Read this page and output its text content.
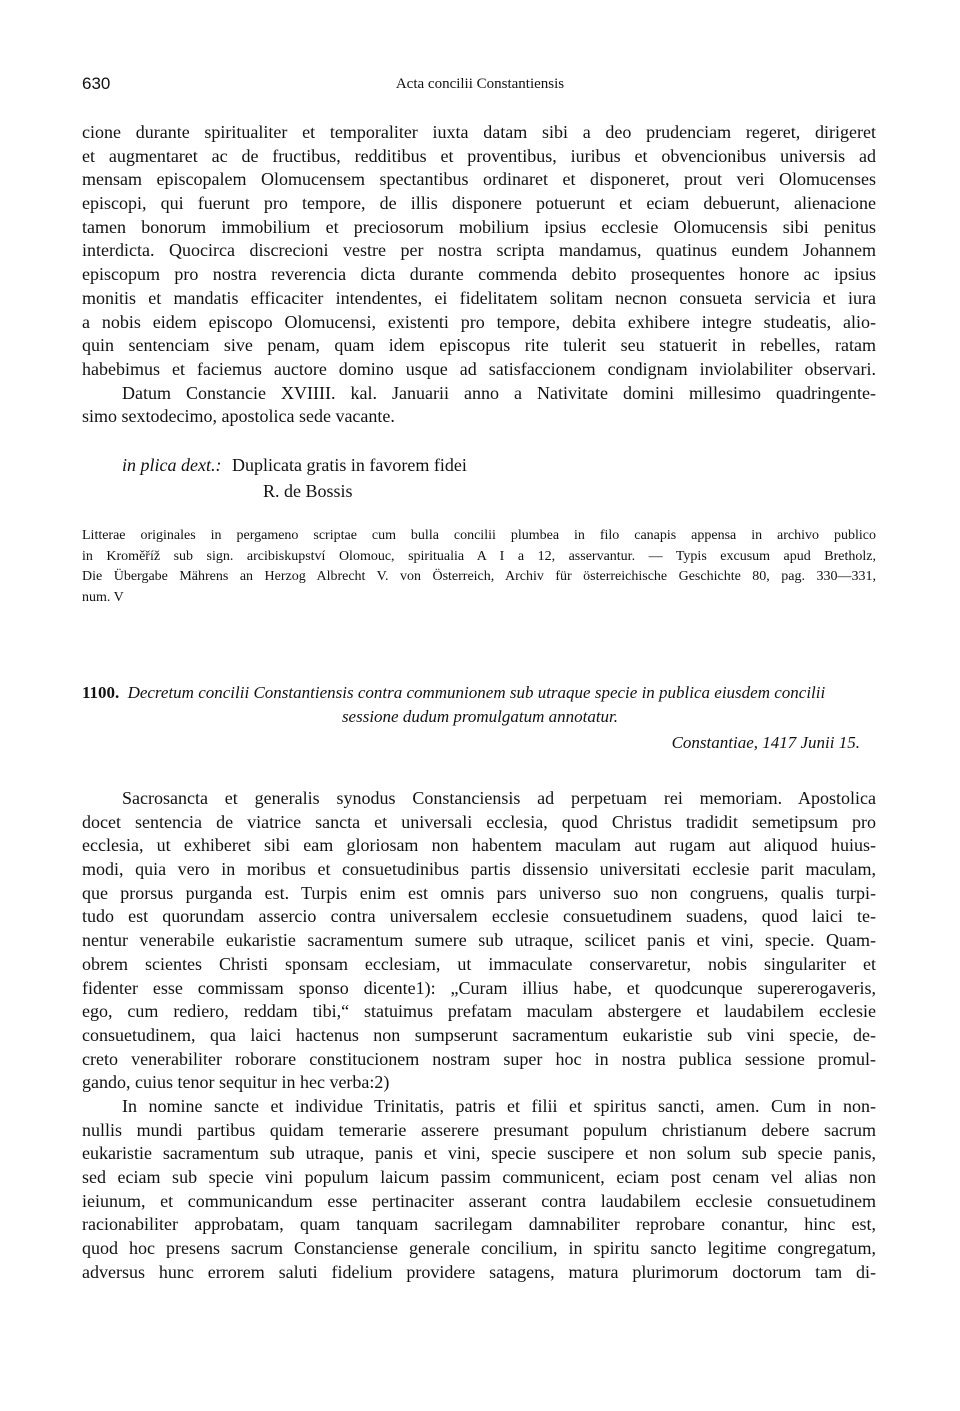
630	Acta concilii Constantiensis
cione durante spiritualiter et temporaliter iuxta datam sibi a deo prudenciam regeret, dirigeret
et augmentaret ac de fructibus, redditibus et proventibus, iuribus et obvencionibus universis ad
mensam episcopalem Olomucensem spectantibus ordinaret et disponeret, prout veri Olomucenses
episcopi, qui fuerunt pro tempore, de illis disponere potuerunt et eciam debuerunt, alienacione
tamen bonorum immobilium et preciosorum mobilium ipsius ecclesie Olomucensis sibi penitus
interdicta. Quocirca discrecioni vestre per nostra scripta mandamus, quatinus eundem Johannem
episcopum pro nostra reverencia dicta durante commenda debito prosequentes honore ac ipsius
monitis et mandatis efficaciter intendentes, ei fidelitatem solitam necnon consueta servicia et iura
a nobis eidem episcopo Olomucensi, existenti pro tempore, debita exhibere integre studeatis, alio-
quin sentenciam sive penam, quam idem episcopus rite tulerit seu statuerit in rebelles, ratam
habebimus et faciemus auctore domino usque ad satisfaccionem condignam inviolabiliter observari.
Datum Constancie XVIIII. kal. Januarii anno a Nativitate domini millesimo quadringente-
simo sextodecimo, apostolica sede vacante.
in plica dext.: Duplicata gratis in favorem fidei
R. de Bossis
Litterae originales in pergameno scriptae cum bulla concilii plumbea in filo canapis appensa in archivo publico
in Kroměříž sub sign. arcibiskupství Olomouc, spiritualia A I a 12, asservantur. — Typis excusum apud Bretholz,
Die Übergabe Mährens an Herzog Albrecht V. von Österreich, Archiv für österreichische Geschichte 80, pag. 330—331,
num. V
1100. Decretum concilii Constantiensis contra communionem sub utraque specie in publica eiusdem concilii
sessione dudum promulgatum annotatur.
Constantiae, 1417 Junii 15.
Sacrosancta et generalis synodus Constanciensis ad perpetuam rei memoriam. Apostolica
docet sentencia de viatrice sancta et universali ecclesia, quod Christus tradidit semetipsum pro
ecclesia, ut exhiberet sibi eam gloriosam non habentem maculam aut rugam aut aliquod huius-
modi, quia vero in moribus et consuetudinibus partis dissensio universitati ecclesie parit maculam,
que prorsus purganda est. Turpis enim est omnis pars universo suo non congruens, qualis turpi-
tudo est quorundam assercio contra universalem ecclesie consuetudinem suadens, quod laici te-
nentur venerabile eukaristie sacramentum sumere sub utraque, scilicet panis et vini, specie. Quam-
obrem scientes Christi sponsam ecclesiam, ut immaculate conservaretur, nobis singulariter et
fidenter esse commissam sponso dicente1): „Curam illius habe, et quodcunque supererogaveris,
ego, cum rediero, reddam tibi,“ statuimus prefatam maculam abstergere et laudabilem ecclesie
consuetudinem, qua laici hactenus non sumpserunt sacramentum eukaristie sub vini specie, de-
creto venerabiliter roborare constitucionem nostram super hoc in nostra publica sessione promul-
gando, cuius tenor sequitur in hec verba:2)
In nomine sancte et individue Trinitatis, patris et filii et spiritus sancti, amen. Cum in non-
nullis mundi partibus quidam temerarie asserere presumant populum christianum debere sacrum
eukaristie sacramentum sub utraque, panis et vini, specie suscipere et non solum sub specie panis,
sed eciam sub specie vini populum laicum passim communicent, eciam post cenam vel alias non
ieiunum, et communicandum esse pertinaciter asserant contra laudabilem ecclesie consuetudinem
racionabiliter approbatam, quam tanquam sacrilegam damnabiliter reprobare conantur, hinc est,
quod hoc presens sacrum Constanciense generale concilium, in spiritu sancto legitime congregatum,
adversus hunc errorem saluti fidelium providere satagens, matura plurimorum doctorum tam di-
